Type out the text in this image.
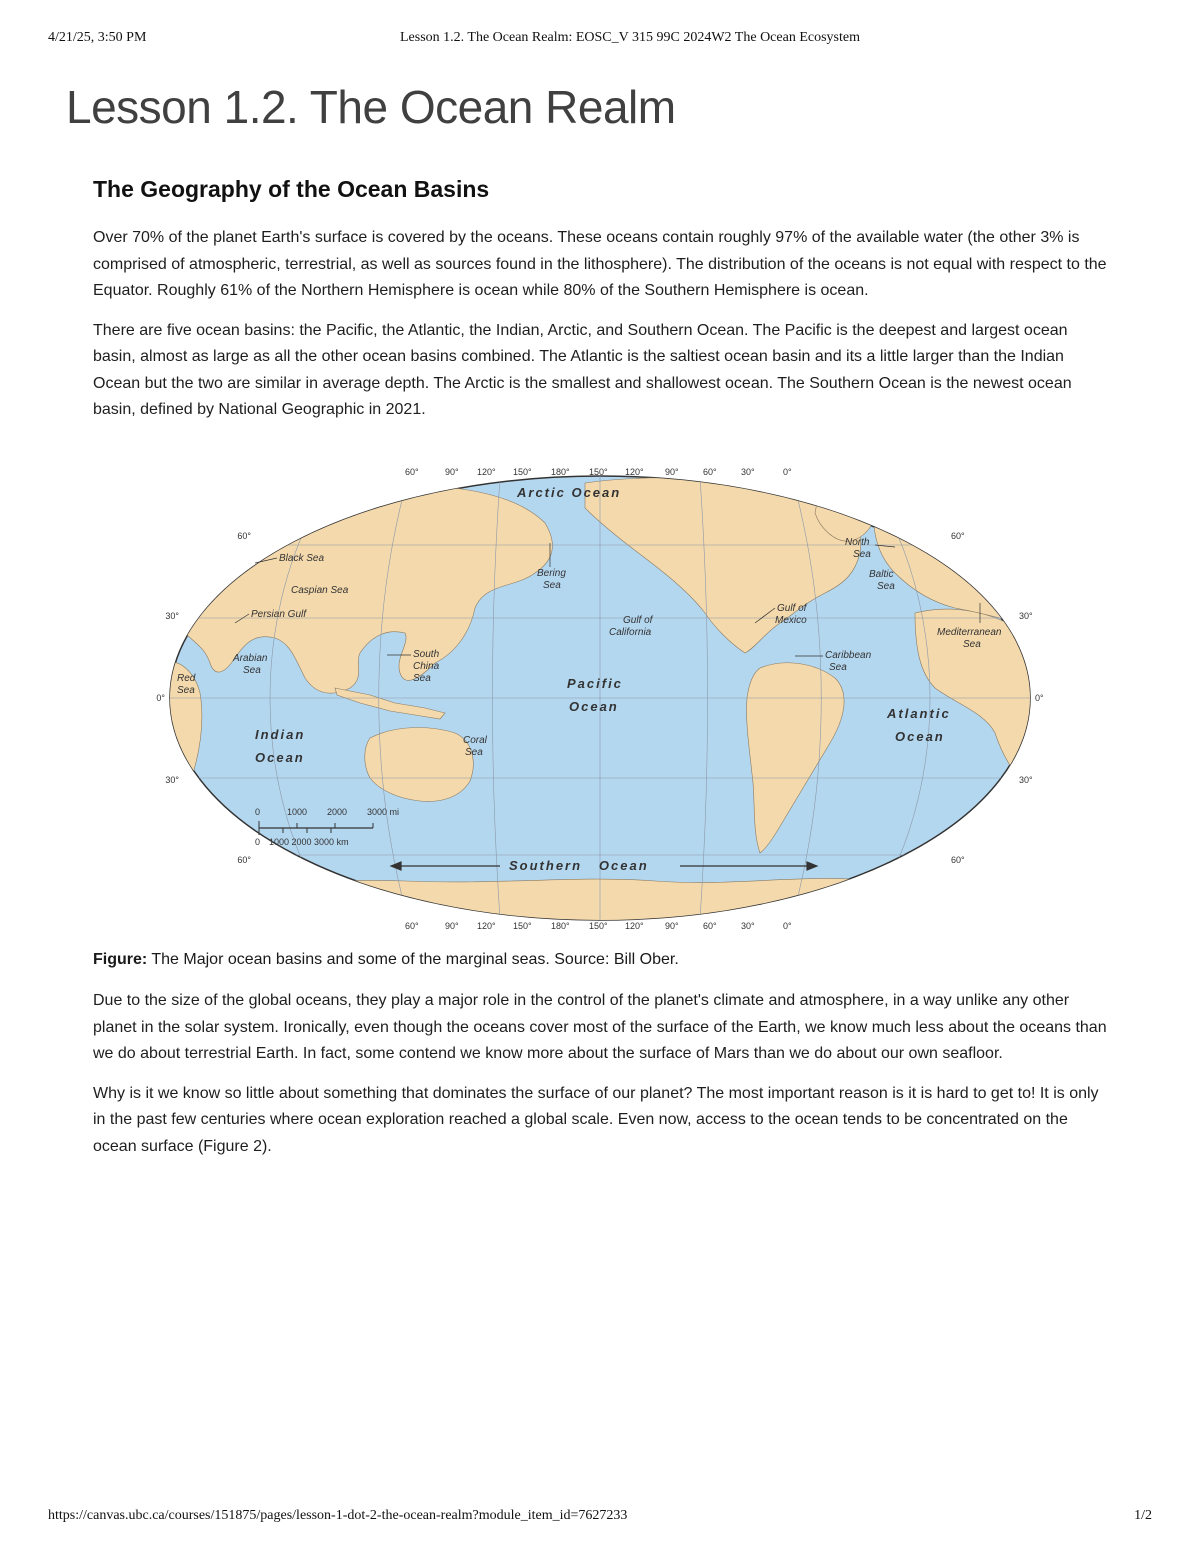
4/21/25, 3:50 PM	Lesson 1.2. The Ocean Realm: EOSC_V 315 99C 2024W2 The Ocean Ecosystem
Lesson 1.2. The Ocean Realm
The Geography of the Ocean Basins

Over 70% of the planet Earth's surface is covered by the oceans. These oceans contain roughly 97% of the available water (the other 3% is comprised of atmospheric, terrestrial, as well as sources found in the lithosphere). The distribution of the oceans is not equal with respect to the Equator. Roughly 61% of the Northern Hemisphere is ocean while 80% of the Southern Hemisphere is ocean.

There are five ocean basins: the Pacific, the Atlantic, the Indian, Arctic, and Southern Ocean. The Pacific is the deepest and largest ocean basin, almost as large as all the other ocean basins combined. The Atlantic is the saltiest ocean basin and its a little larger than the Indian Ocean but the two are similar in average depth. The Arctic is the smallest and shallowest ocean. The Southern Ocean is the newest ocean basin, defined by National Geographic in 2021.

60°	90° 120° 150° 180° 150° 120° 90°	60°	30°	0°
60°	90° 120° 150° 180° 150° 120° 90°	60°	30°	0°
60°
30°
0°
30°
60°
60°
30°
0°
30°
60°
Arctic Ocean
Pacific
Ocean	Atlantic
Ocean
Indian
Ocean
Southern   Ocean
Black Sea
Caspian Sea
Persian Gulf
Arabian
Sea
Red
Sea
South
China
Sea
Coral
Sea
Bering
Sea
Gulf of
California
Gulf of
Mexico
Caribbean
Sea
North
Sea
Baltic
Sea
Mediterranean
Sea
0	1000 2000 3000 mi
0 1000 2000 3000 km

Figure: The Major ocean basins and some of the marginal seas. Source: Bill Ober.

Due to the size of the global oceans, they play a major role in the control of the planet's climate and atmosphere, in a way unlike any other planet in the solar system. Ironically, even though the oceans cover most of the surface of the Earth, we know much less about the oceans than we do about terrestrial Earth. In fact, some contend we know more about the surface of Mars than we do about our own seafloor.

Why is it we know so little about something that dominates the surface of our planet? The most important reason is it is hard to get to! It is only in the past few centuries where ocean exploration reached a global scale. Even now, access to the ocean tends to be concentrated on the ocean surface (Figure 2).

https://canvas.ubc.ca/courses/151875/pages/lesson-1-dot-2-the-ocean-realm?module_item_id=7627233	1/2
